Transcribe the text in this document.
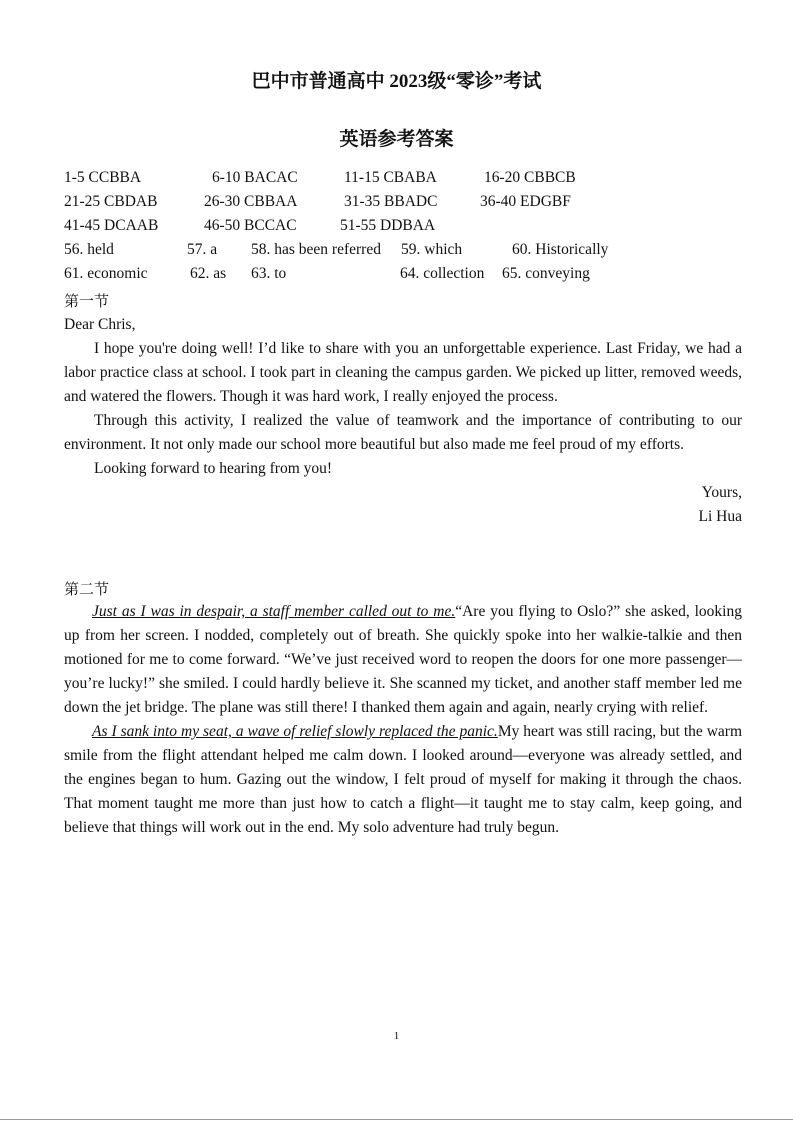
巴中市普通高中 2023级“零诊”考试
英语参考答案
1-5 CCBBA	6-10 BACAC	11-15 CBABA	16-20 CBBCB
21-25 CBDAB	26-30 CBBAA	31-35 BBADC	36-40 EDGBF
41-45 DCAAB	46-50 BCCAC	51-55 DDBAA
56. held	57. a 58. has been referred 59. which	60. Historically
61. economic	62. as 63. to	64. collection 65. conveying
第一节

Dear Chris,

I hope you're doing well! I’d like to share with you an unforgettable experience. Last Friday, we had a labor practice class at school. I took part in cleaning the campus garden. We picked up litter, removed weeds, and watered the flowers. Though it was hard work, I really enjoyed the process.

Through this activity, I realized the value of teamwork and the importance of contributing to our environment. It not only made our school more beautiful but also made me feel proud of my efforts.

Looking forward to hearing from you!

Yours,

Li Hua

第二节

Just as I was in despair, a staff member called out to me.“Are you flying to Oslo?” she asked, looking up from her screen. I nodded, completely out of breath. She quickly spoke into her walkie-talkie and then motioned for me to come forward. “We’ve just received word to reopen the doors for one more passenger—you’re lucky!” she smiled. I could hardly believe it. She scanned my ticket, and another staff member led me down the jet bridge. The plane was still there! I thanked them again and again, nearly crying with relief.

As I sank into my seat, a wave of relief slowly replaced the panic.My heart was still racing, but the warm smile from the flight attendant helped me calm down. I looked around—everyone was already settled, and the engines began to hum. Gazing out the window, I felt proud of myself for making it through the chaos. That moment taught me more than just how to catch a flight—it taught me to stay calm, keep going, and believe that things will work out in the end. My solo adventure had truly begun.

1
